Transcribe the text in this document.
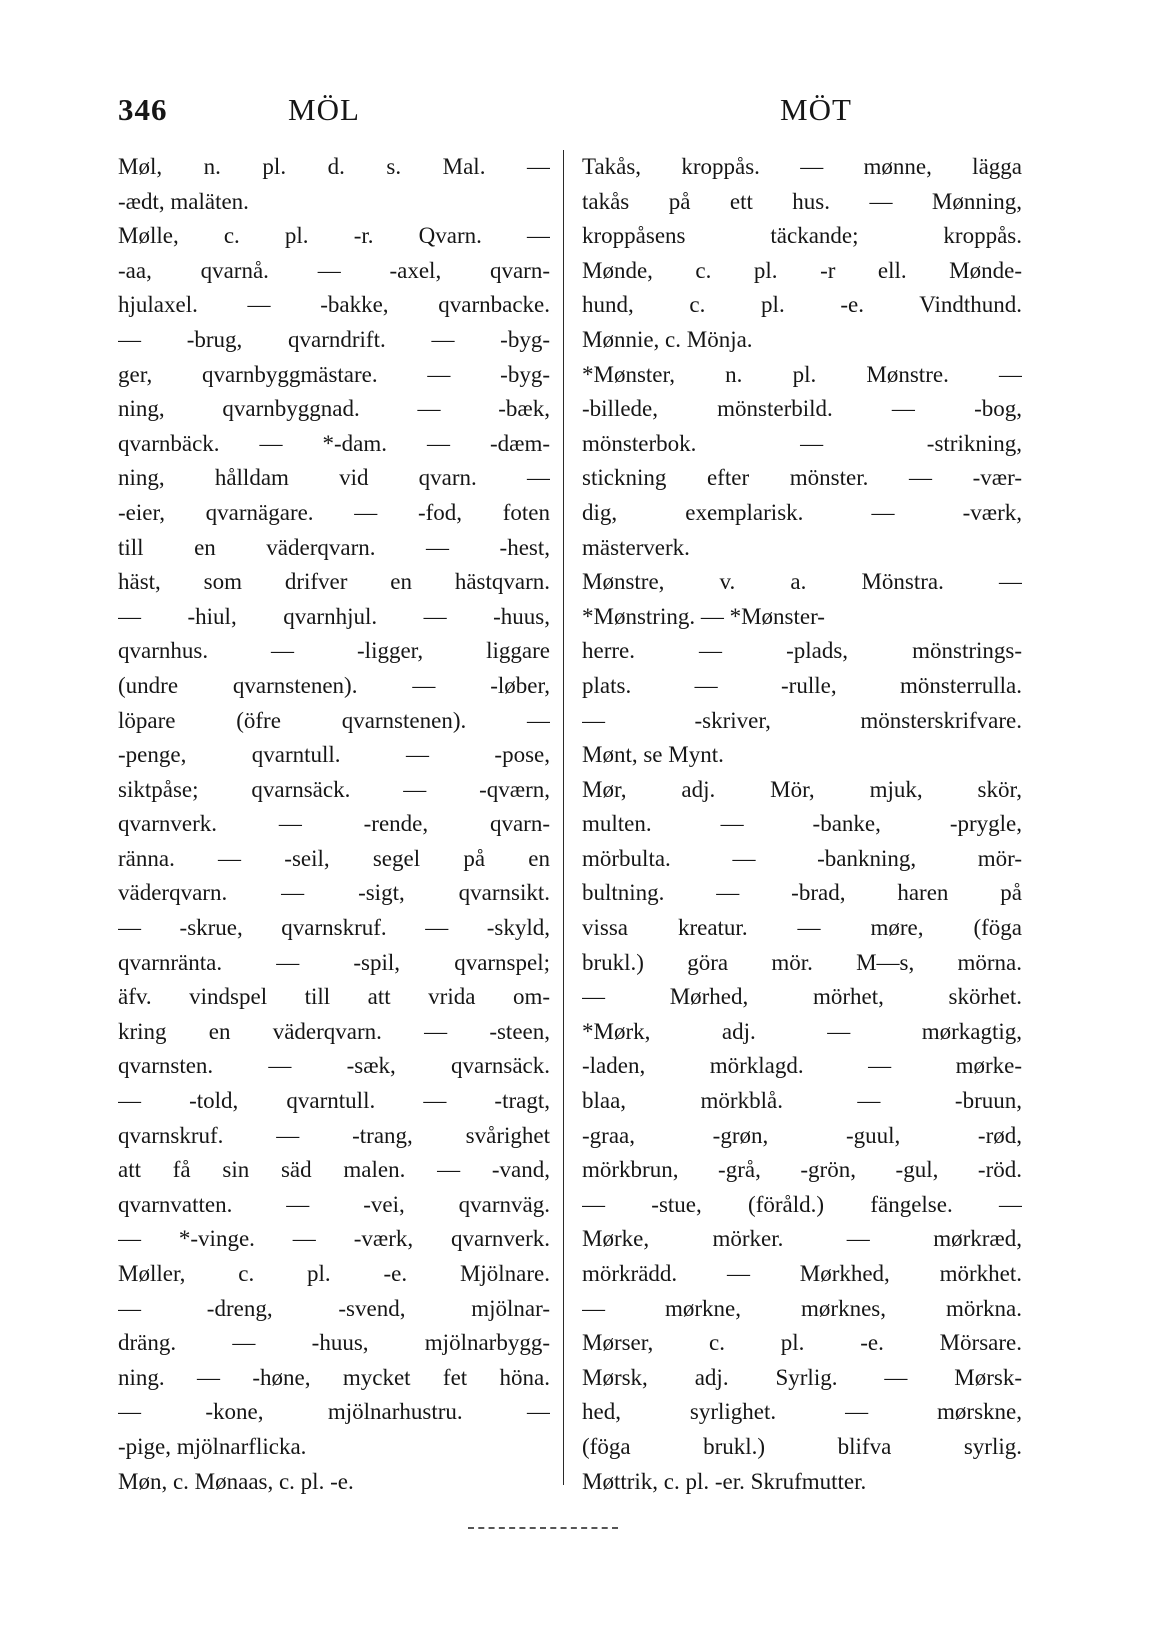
346	MÖL	MÖT
Møl, n. pl. d. s. Mal. —
-ædt, maläten.
Mølle, c. pl. -r. Qvarn. —
-aa, qvarnå. — -axel, qvarn-
hjulaxel. — -bakke, qvarnbacke.
— -brug, qvarndrift. — -byg-
ger, qvarnbyggmästare. — -byg-
ning, qvarnbyggnad. — -bæk,
qvarnbäck. — *-dam. — -dæm-
ning, hålldam vid qvarn. —
-eier, qvarnägare. — -fod, foten
till en väderqvarn. — -hest,
häst, som drifver en hästqvarn.
— -hiul, qvarnhjul. — -huus,
qvarnhus. — -ligger, liggare
(undre qvarnstenen). — -løber,
löpare (öfre qvarnstenen). —
-penge, qvarntull. — -pose,
siktpåse; qvarnsäck. — -qværn,
qvarnverk. — -rende, qvarn-
ränna. — -seil, segel på en
väderqvarn. — -sigt, qvarnsikt.
— -skrue, qvarnskruf. — -skyld,
qvarnränta. — -spil, qvarnspel;
äfv. vindspel till att vrida om-
kring en väderqvarn. — -steen,
qvarnsten. — -sæk, qvarnsäck.
— -told, qvarntull. — -tragt,
qvarnskruf. — -trang, svårighet
att få sin säd malen. — -vand,
qvarnvatten. — -vei, qvarnväg.
— *-vinge. — -værk, qvarnverk.
Møller, c. pl. -e. Mjölnare.
— -dreng, -svend, mjölnar-
dräng. — -huus, mjölnarbygg-
ning. — -høne, mycket fet höna.
— -kone, mjölnarhustru. —
-pige, mjölnarflicka.
Møn, c. Mønaas, c. pl. -e.
Takås, kroppås. — mønne, lägga
takås på ett hus. — Mønning,
kroppåsens täckande; kroppås.
Mønde, c. pl. -r ell. Mønde-
hund, c. pl. -e. Vindthund.
Mønnie, c. Mönja.
*Mønster, n. pl. Mønstre. —
-billede, mönsterbild. — -bog,
mönsterbok. — -strikning,
stickning efter mönster. — -vær-
dig, exemplarisk. — -værk,
mästerverk.
Mønstre, v. a. Mönstra. —
*Mønstring. — *Mønster-
herre. — -plads, mönstrings-
plats. — -rulle, mönsterrulla.
— -skriver, mönsterskrifvare.
Mønt, se Mynt.
Mør, adj. Mör, mjuk, skör,
multen. — -banke, -prygle,
mörbulta. — -bankning, mör-
bultning. — -brad, haren på
vissa kreatur. — møre, (föga
brukl.) göra mör. M—s, mörna.
— Mørhed, mörhet, skörhet.
*Mørk, adj. — mørkagtig,
-laden, mörklagd. — mørke-
blaa, mörkblå. — -bruun,
-graa, -grøn, -guul, -rød,
mörkbrun, -grå, -grön, -gul, -röd.
— -stue, (föråld.) fängelse. —
Mørke, mörker. — mørkræd,
mörkrädd. — Mørkhed, mörkhet.
— mørkne, mørknes, mörkna.
Mørser, c. pl. -e. Mörsare.
Mørsk, adj. Syrlig. — Mørsk-
hed, syrlighet. — mørskne,
(föga brukl.) blifva syrlig.
Møttrik, c. pl. -er. Skrufmutter.
